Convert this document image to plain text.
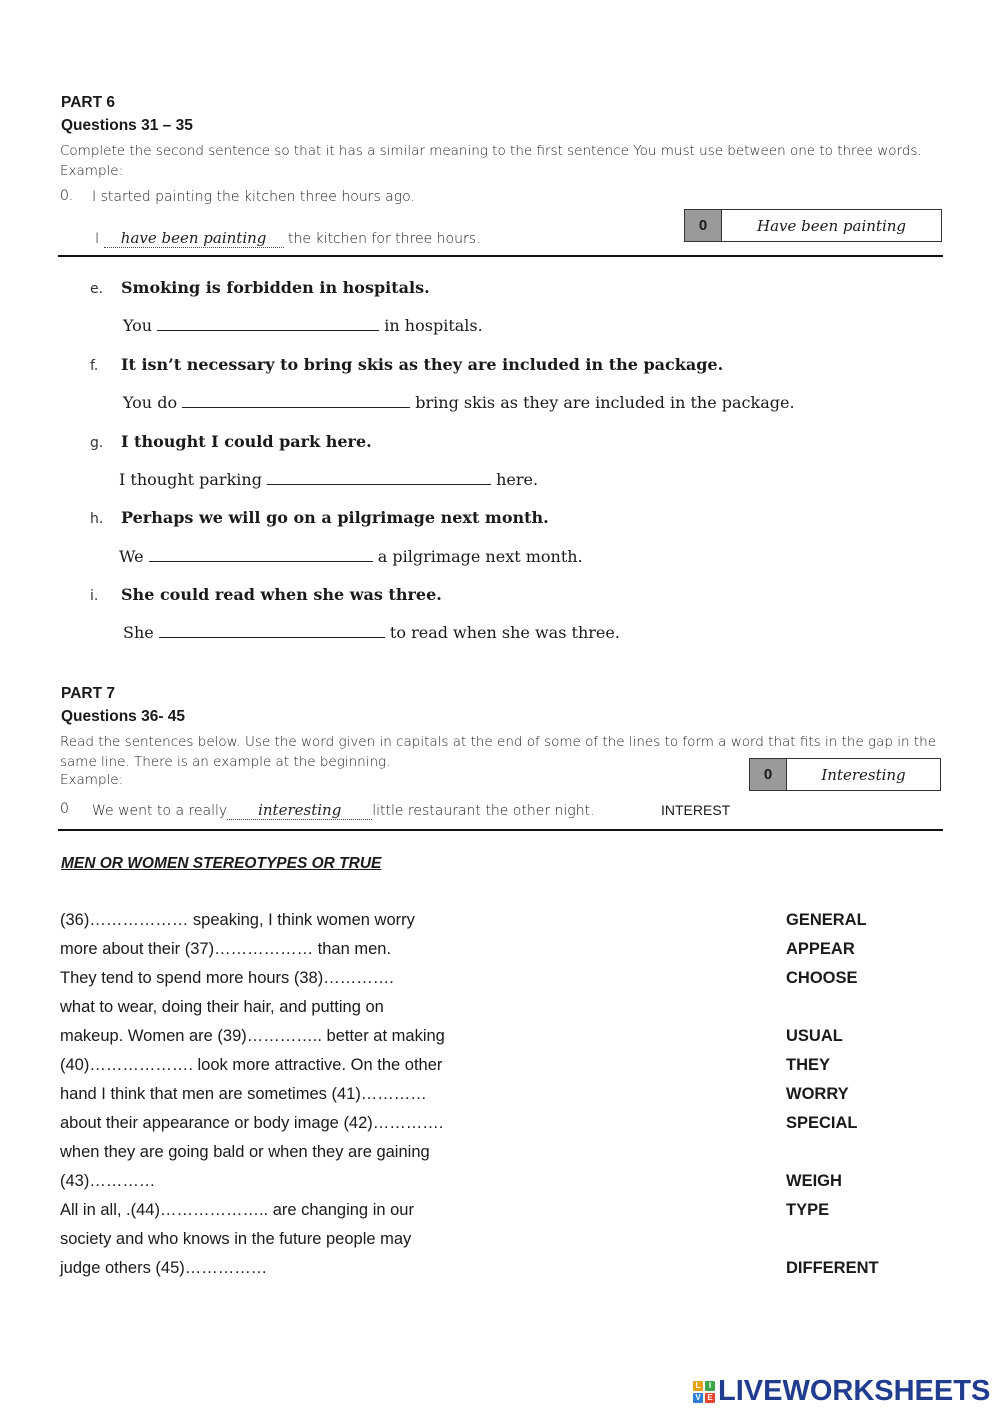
PART 6
Questions 31 – 35
Complete the second sentence so that it has a similar meaning to the first sentence You must use between one to three words.
Example:
0. I started painting the kitchen three hours ago.
I have been painting the kitchen for three hours.
0	Have been painting
e. Smoking is forbidden in hospitals.
You	in hospitals.
f. It isn’t necessary to bring skis as they are included in the package.
You do	bring skis as they are included in the package.
g. I thought I could park here.
I thought parking	here.
h. Perhaps we will go on a pilgrimage next month.
We	a pilgrimage next month.
i. She could read when she was three.
She	to read when she was three.
PART 7
Questions 36- 45
Read the sentences below. Use the word given in capitals at the end of some of the lines to form a word that fits in the gap in the same line. There is an example at the beginning.
Example:	0	Interesting
0 We went to a really interesting little restaurant the other night.	INTEREST
MEN OR WOMEN STEREOTYPES OR TRUE
(36)……………… speaking, I think women worry	GENERAL
more about their (37)……………… than men.	APPEAR
They tend to spend more hours (38)………….	CHOOSE
what to wear, doing their hair, and putting on
makeup. Women are (39)………….. better at making	USUAL
(40)………………. look more attractive. On the other	THEY
hand I think that men are sometimes (41)…………	WORRY
about their appearance or body image (42)………….	SPECIAL
when they are going bald or when they are gaining
(43)…………	WEIGH
All in all, .(44)……………….. are changing in our	TYPE
society and who knows in the future people may
judge others (45)……………	DIFFERENT
L	I
V E LIVEWORKSHEETS
